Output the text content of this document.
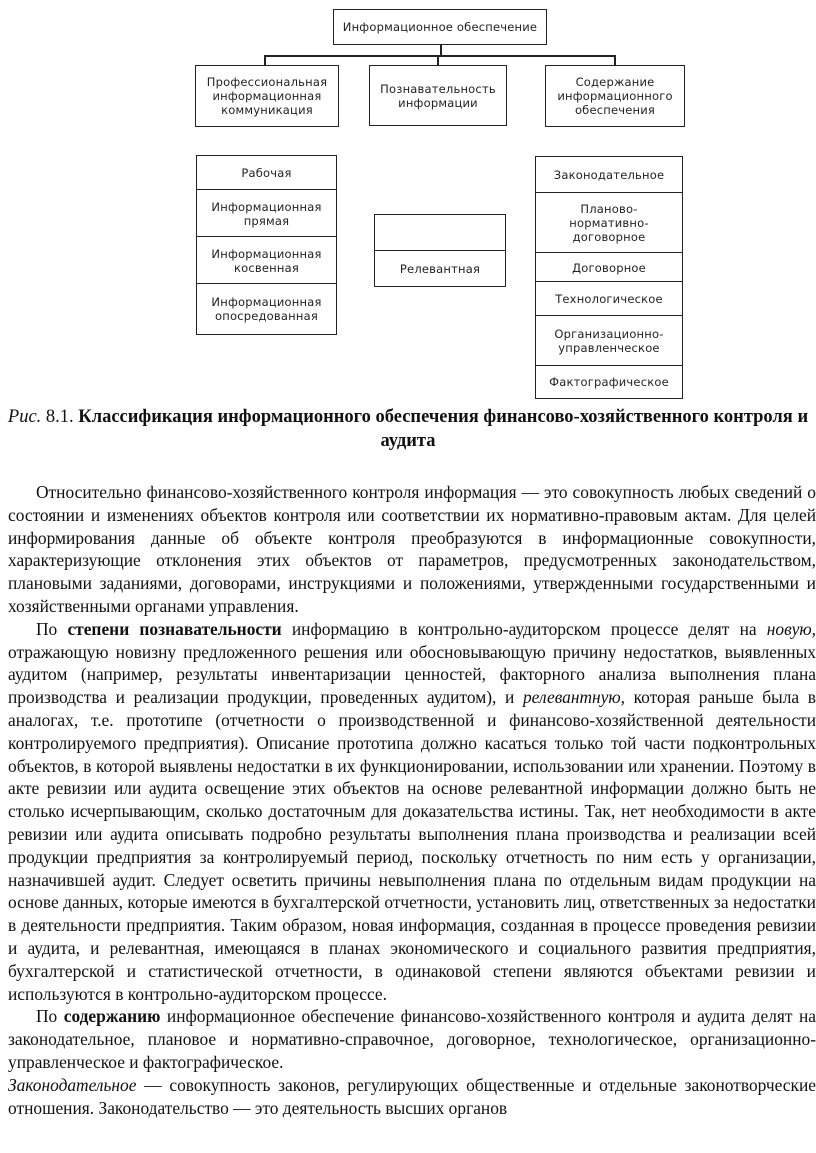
Информационное обеспечение
Профессиональная
информационная
коммуникация
Познавательность
информации
Содержание
информационного
обеспечения
Рабочая
Информационная
прямая
Информационная
косвенная
Информационная
опосредованная
Релевантная
Законодательное
Планово-
нормативно-
договорное
Договорное
Технологическое
Организационно-
управленческое
Фактографическое
Рис. 8.1. Классификация информационного обеспечения финансово-хозяйственного контроля и аудита

Относительно финансово-хозяйственного контроля информация — это совокупность любых сведений о состоянии и изменениях объектов контроля или соответствии их нормативно-правовым актам. Для целей информирования данные об объекте контроля преобразуются в информационные совокупности, характеризующие отклонения этих объектов от параметров, предусмотренных законодательством, плановыми заданиями, договорами, инструкциями и положениями, утвержденными государственными и хозяйственными органами управления.

По степени познавательности информацию в контрольно-аудиторском процессе делят на новую, отражающую новизну предложенного решения или обосновывающую причину недостатков, выявленных аудитом (например, результаты инвентаризации ценностей, факторного анализа выполнения плана производства и реализации продукции, проведенных аудитом), и релевантную, которая раньше была в аналогах, т.е. прототипе (отчетности о производственной и финансово-хозяйственной деятельности контролируемого предприятия). Описание прототипа должно касаться только той части подконтрольных объектов, в которой выявлены недостатки в их функционировании, использовании или хранении. Поэтому в акте ревизии или аудита освещение этих объектов на основе релевантной информации должно быть не столько исчерпывающим, сколько достаточным для доказательства истины. Так, нет необходимости в акте ревизии или аудита описывать подробно результаты выполнения плана производства и реализации всей продукции предприятия за контролируемый период, поскольку отчетность по ним есть у организации, назначившей аудит. Следует осветить причины невыполнения плана по отдельным видам продукции на основе данных, которые имеются в бухгалтерской отчетности, установить лиц, ответственных за недостатки в деятельности предприятия. Таким образом, новая информация, созданная в процессе проведения ревизии и аудита, и релевантная, имеющаяся в планах экономического и социального развития предприятия, бухгалтерской и статистической отчетности, в одинаковой степени являются объектами ревизии и используются в контрольно-аудиторском процессе.

По содержанию информационное обеспечение финансово-хозяйственного контроля и аудита делят на законодательное, плановое и нормативно-справочное, договорное, технологическое, организационно-управленческое и фактографическое.

Законодательное — совокупность законов, регулирующих общественные и отдельные законотворческие отношения. Законодательство — это деятельность высших органов
